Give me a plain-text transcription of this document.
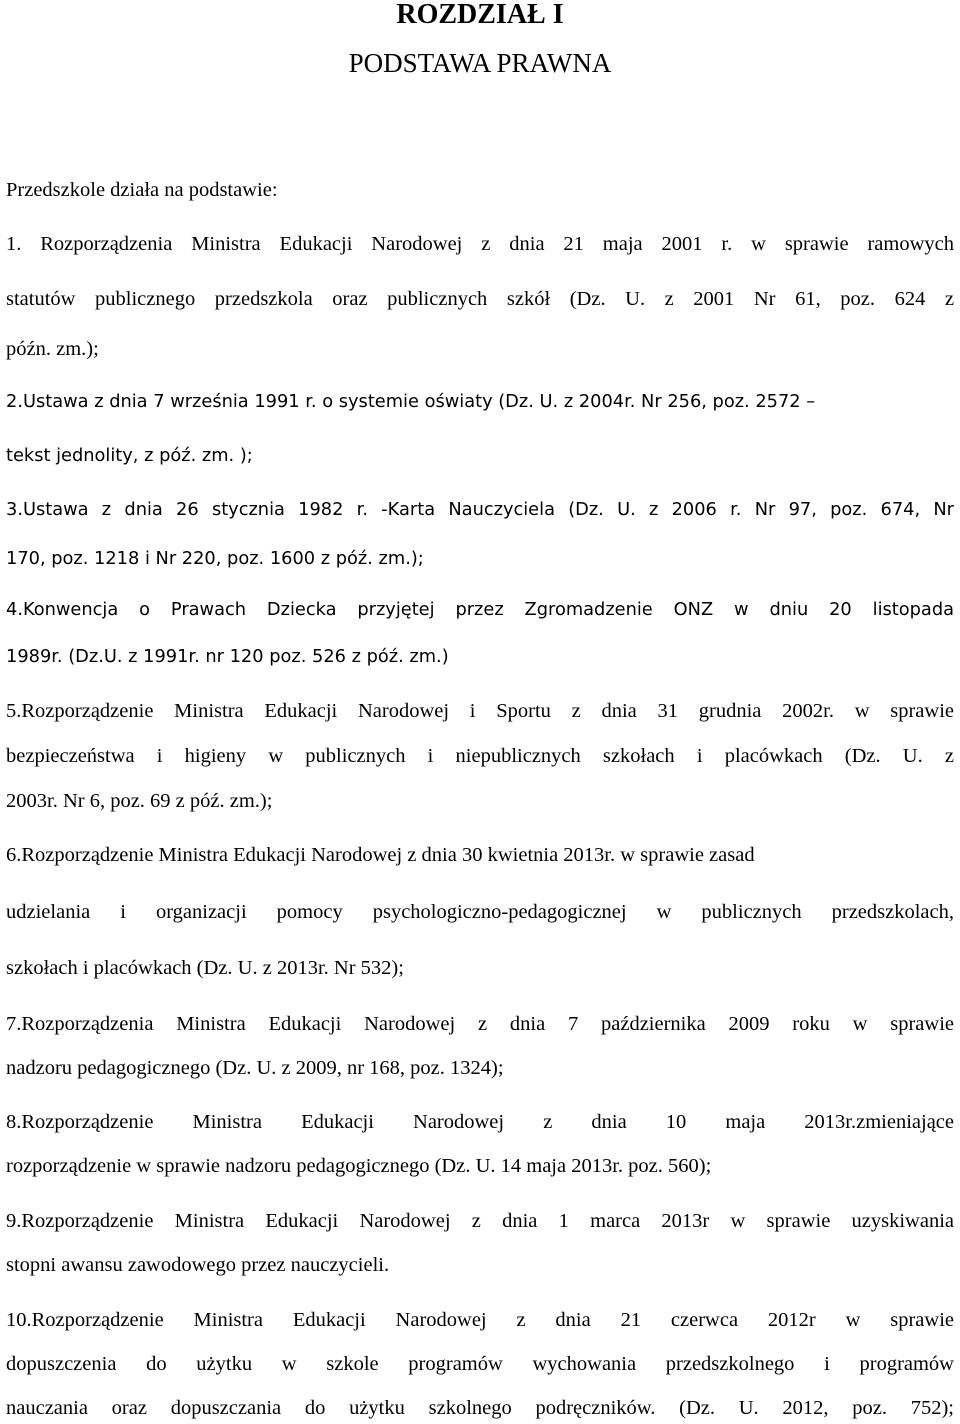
ROZDZIAŁ I
PODSTAWA PRAWNA
Przedszkole działa na podstawie:
1. Rozporządzenia Ministra Edukacji Narodowej z dnia 21 maja 2001 r. w sprawie ramowych
statutów publicznego przedszkola oraz publicznych szkół (Dz. U. z 2001 Nr 61, poz. 624 z
późn. zm.);
2.Ustawa z dnia 7 września 1991 r. o systemie oświaty (Dz. U. z 2004r. Nr 256, poz. 2572 –
tekst jednolity, z póź. zm. );
3.Ustawa z dnia 26 stycznia 1982 r. -Karta Nauczyciela (Dz. U. z 2006 r. Nr 97, poz. 674, Nr
170, poz. 1218 i Nr 220, poz. 1600 z póź. zm.);
4.Konwencja o Prawach Dziecka przyjętej przez Zgromadzenie ONZ w dniu 20 listopada
1989r. (Dz.U. z 1991r. nr 120 poz. 526 z póź. zm.)
5.Rozporządzenie Ministra Edukacji Narodowej i Sportu z dnia 31 grudnia 2002r. w sprawie
bezpieczeństwa i higieny w publicznych i niepublicznych szkołach i placówkach (Dz. U. z
2003r. Nr 6, poz. 69 z póź. zm.);
6.Rozporządzenie Ministra Edukacji Narodowej z dnia 30 kwietnia 2013r. w sprawie zasad
udzielania i organizacji pomocy psychologiczno-pedagogicznej w publicznych przedszkolach,
szkołach i placówkach (Dz. U. z 2013r. Nr 532);
7.Rozporządzenia Ministra Edukacji Narodowej z dnia 7 października 2009 roku w sprawie
nadzoru pedagogicznego (Dz. U. z 2009, nr 168, poz. 1324);
8.Rozporządzenie Ministra Edukacji Narodowej z dnia 10 maja 2013r.zmieniające
rozporządzenie w sprawie nadzoru pedagogicznego (Dz. U. 14 maja 2013r. poz. 560);
9.Rozporządzenie Ministra Edukacji Narodowej z dnia 1 marca 2013r w sprawie uzyskiwania
stopni awansu zawodowego przez nauczycieli.
10.Rozporządzenie Ministra Edukacji Narodowej z dnia 21 czerwca 2012r w sprawie
dopuszczenia do użytku w szkole programów wychowania przedszkolnego i programów
nauczania oraz dopuszczania do użytku szkolnego podręczników. (Dz. U. 2012, poz. 752);
